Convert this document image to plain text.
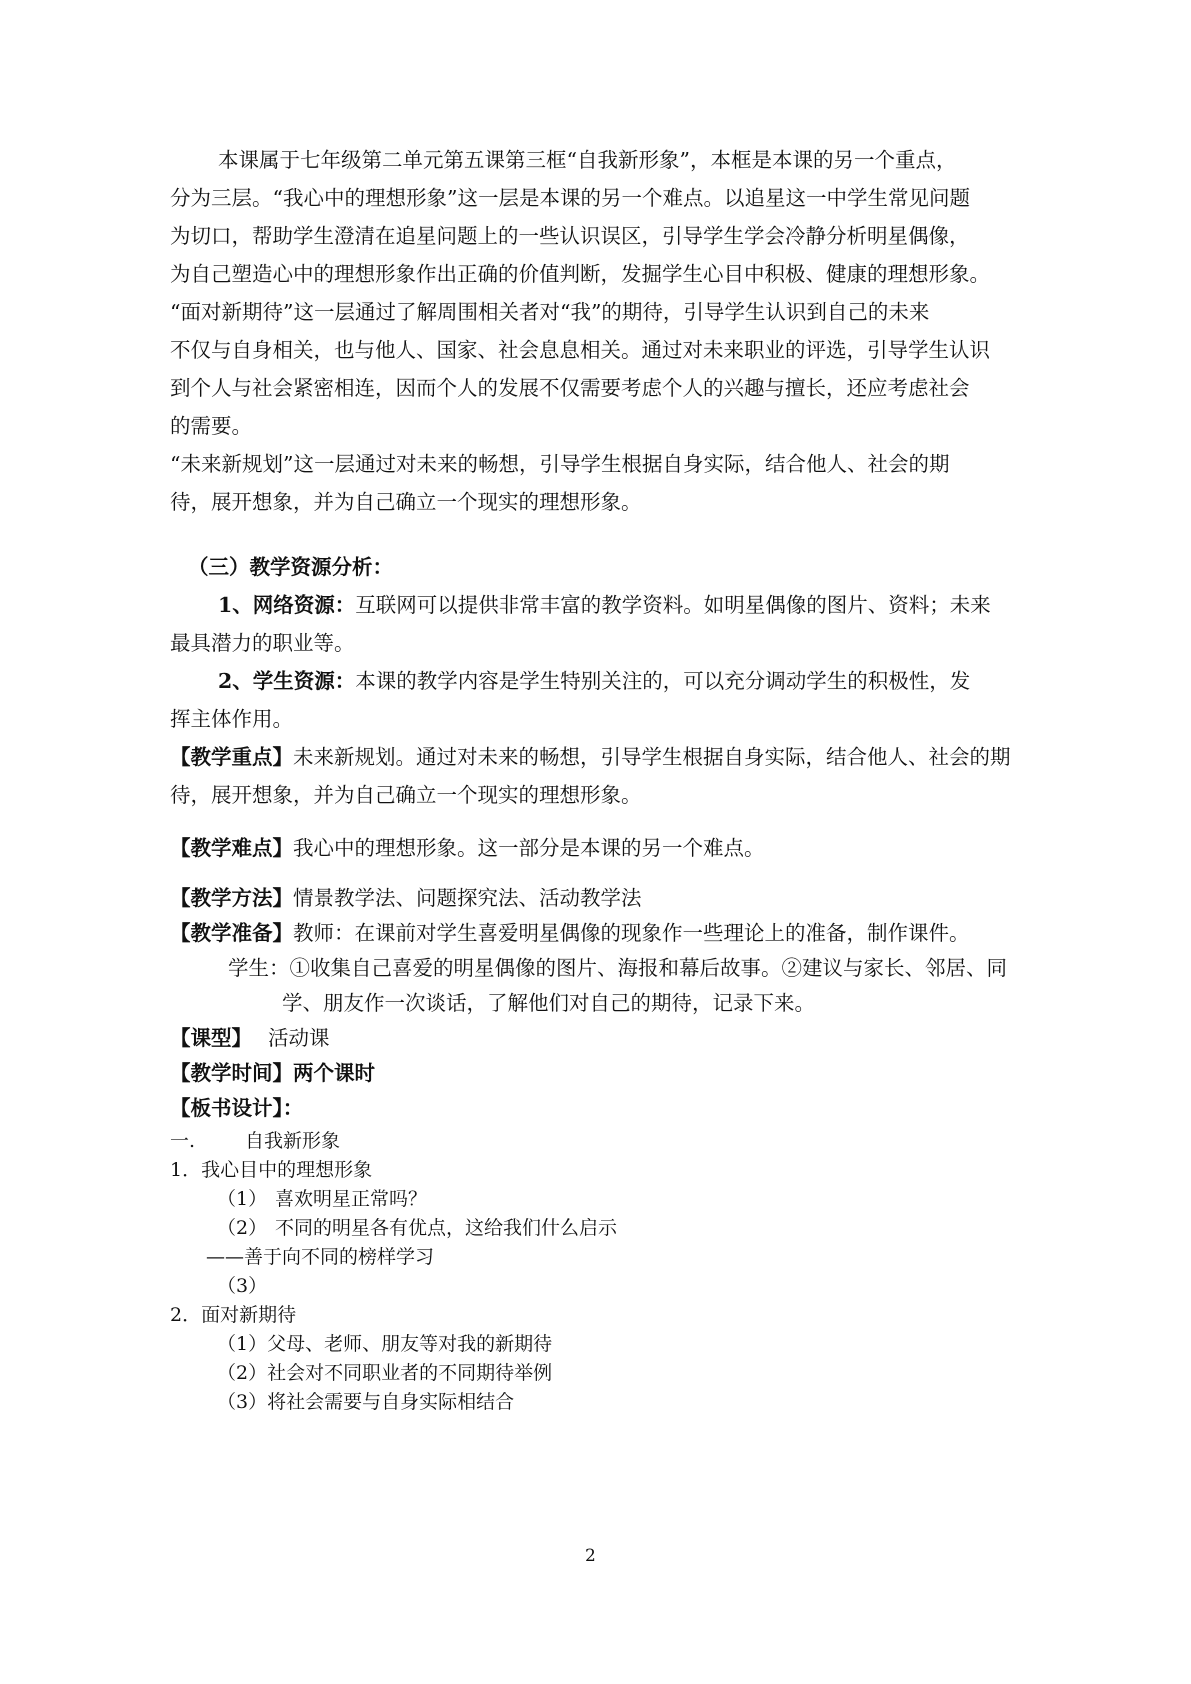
本课属于七年级第二单元第五课第三框“自我新形象”，本框是本课的另一个重点，
分为三层。“我心中的理想形象”这一层是本课的另一个难点。以追星这一中学生常见问题
为切口，帮助学生澄清在追星问题上的一些认识误区，引导学生学会冷静分析明星偶像，
为自己塑造心中的理想形象作出正确的价值判断，发掘学生心目中积极、健康的理想形象。
“面对新期待”这一层通过了解周围相关者对“我”的期待，引导学生认识到自己的未来
不仅与自身相关，也与他人、国家、社会息息相关。通过对未来职业的评选，引导学生认识
到个人与社会紧密相连，因而个人的发展不仅需要考虑个人的兴趣与擅长，还应考虑社会
的需要。
“未来新规划”这一层通过对未来的畅想，引导学生根据自身实际，结合他人、社会的期
待，展开想象，并为自己确立一个现实的理想形象。
（三）教学资源分析：
1、网络资源：互联网可以提供非常丰富的教学资料。如明星偶像的图片、资料；未来
最具潜力的职业等。
2、学生资源：本课的教学内容是学生特别关注的，可以充分调动学生的积极性，发
挥主体作用。
【教学重点】未来新规划。通过对未来的畅想，引导学生根据自身实际，结合他人、社会的期
待，展开想象，并为自己确立一个现实的理想形象。
【教学难点】我心中的理想形象。这一部分是本课的另一个难点。
【教学方法】情景教学法、问题探究法、活动教学法
【教学准备】教师：在课前对学生喜爱明星偶像的现象作一些理论上的准备，制作课件。
学生：①收集自己喜爱的明星偶像的图片、海报和幕后故事。②建议与家长、邻居、同
学、朋友作一次谈话，了解他们对自己的期待，记录下来。
【课型】 活动课
【教学时间】两个课时
【板书设计】：
一.	自我新形象
1．我心目中的理想形象
（1） 喜欢明星正常吗？
（2） 不同的明星各有优点，这给我们什么启示
——善于向不同的榜样学习
（3）
2．面对新期待
（1）父母、老师、朋友等对我的新期待
（2）社会对不同职业者的不同期待举例
（3）将社会需要与自身实际相结合
2
